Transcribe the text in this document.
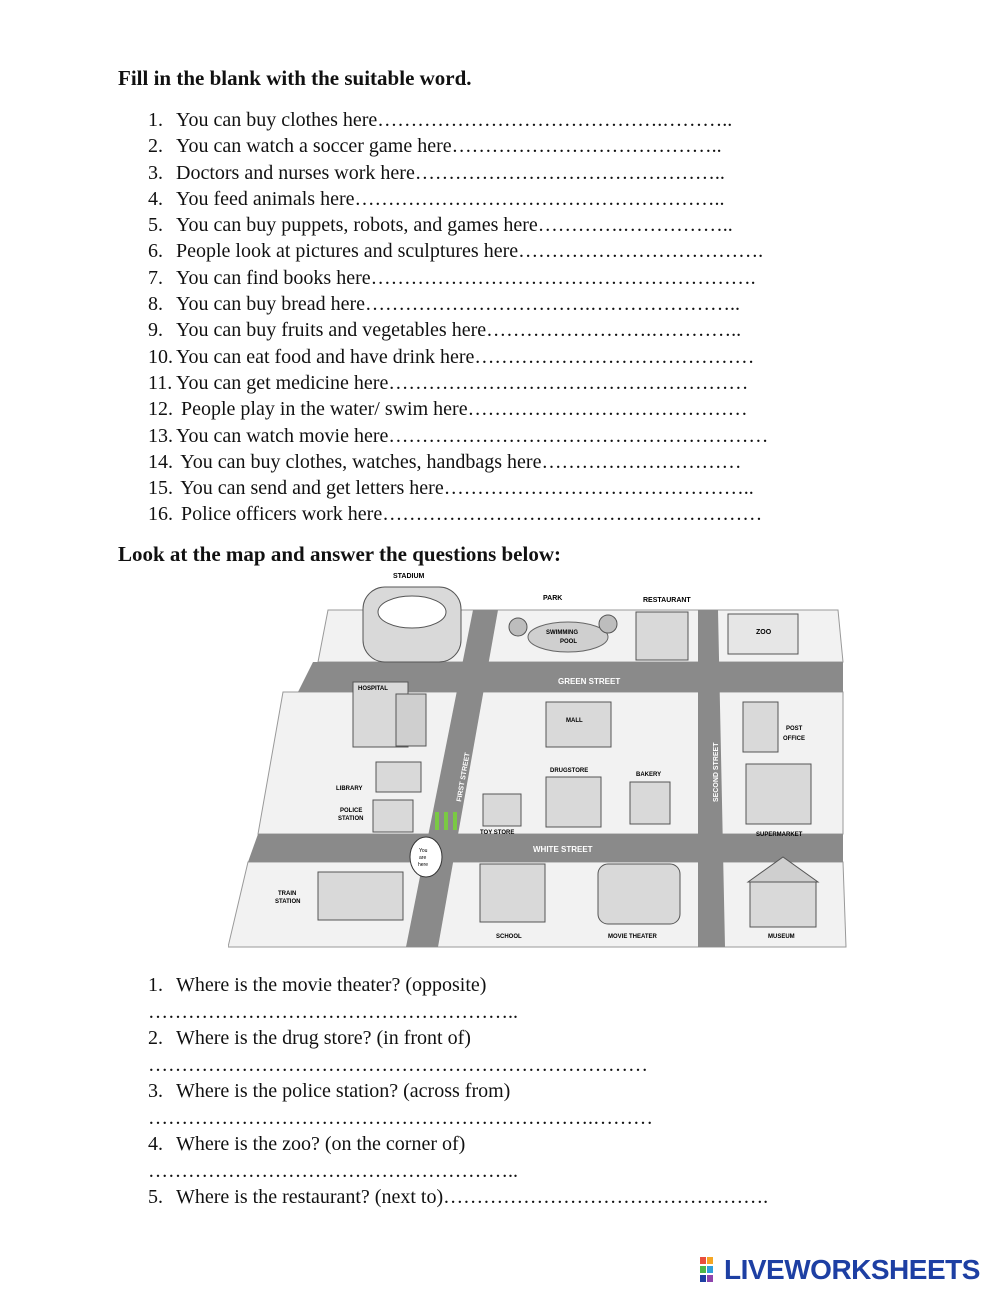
Fill in the blank with the suitable word.
1. You can buy clothes here…………………………………….………..
2. You can watch a soccer game here…………………………………..
3. Doctors and nurses work here………………………………………..
4. You feed animals here………………………………………………..
5. You can buy puppets, robots, and games here………….……………..
6. People look at pictures and sculptures here……………………………….
7. You can find books here………………………………………………….
8. You can buy bread here…………………………….…………………..
9. You can buy fruits and vegetables here…………………….…………..
10. You can eat food and have drink here……………………………………
11. You can get medicine here………………………………………………
12. People play in the water/ swim here……………………………………
13. You can watch movie here…………………………………………………
14. You can buy clothes, watches, handbags here…………………………
15. You can send and get letters here………………………………………..
16. Police officers work here…………………………………………………
Look at the map and answer the questions below:
STADIUM
PARK
SWIMMING
POOL
RESTAURANT
ZOO
HOSPITAL
GREEN STREET
MALL
POST
OFFICE
FIRST STREET	SECOND STREET
LIBRARY
DRUGSTORE
BAKERY
POLICE
STATION
TOY STORE	SUPERMARKET
WHITE STREET
You
are
here
TRAIN
STATION
SCHOOL	MOVIE THEATER	MUSEUM
1. Where is the movie theater? (opposite)
………………………………………………..
2. Where is the drug store? (in front of)
…………………………………………………………………
3. Where is the police station? (across from)
………………………………………………………….………
4. Where is the zoo? (on the corner of)
………………………………………………..
5. Where is the restaurant? (next to)………………………………………….
LIVEWORKSHEETS
